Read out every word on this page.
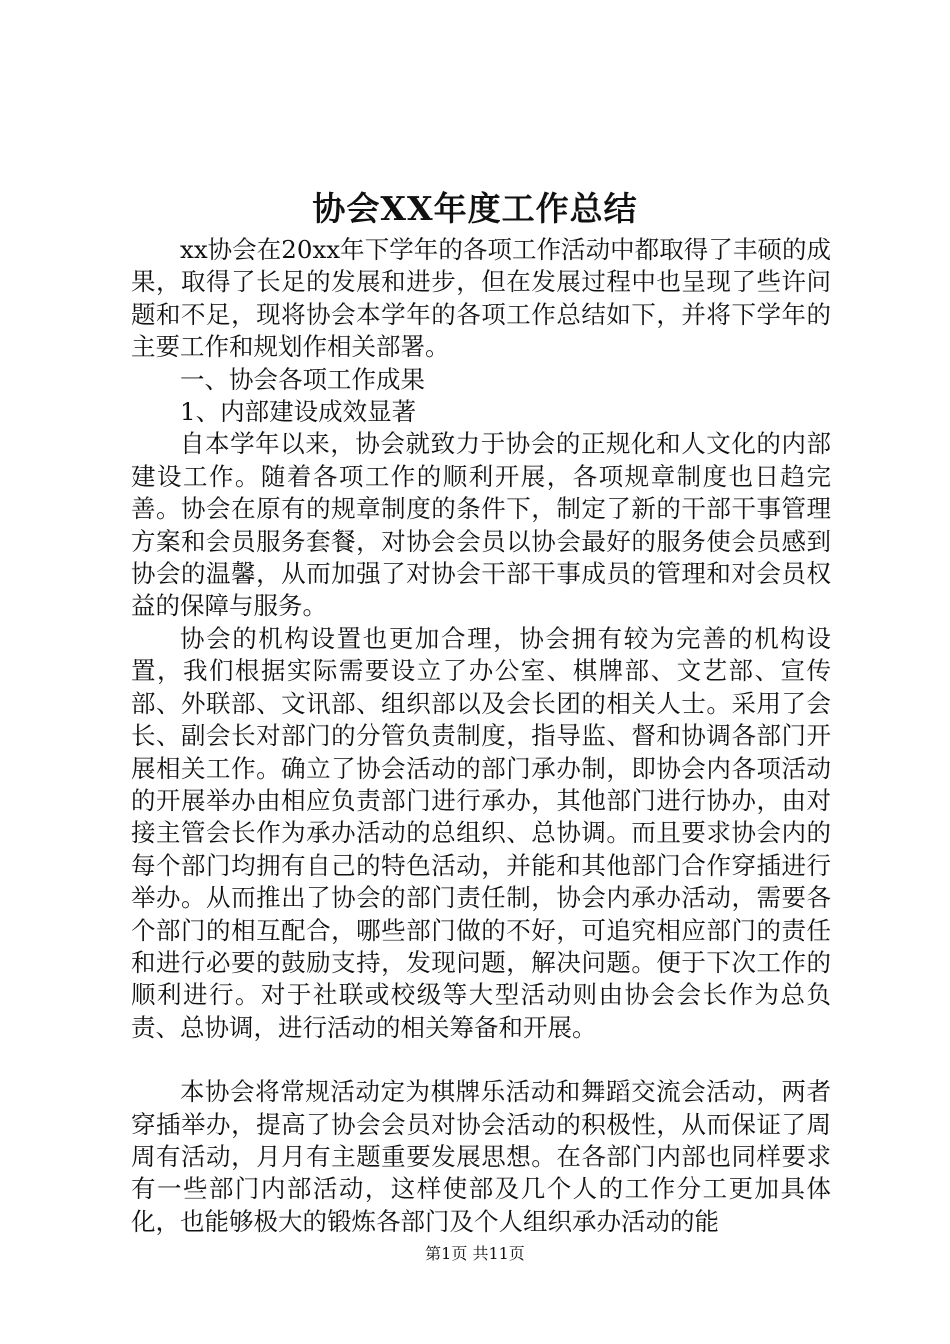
协会XX年度工作总结

xx协会在20xx年下学年的各项工作活动中都取得了丰硕的成果，取得了长足的发展和进步，但在发展过程中也呈现了些许问题和不足，现将协会本学年的各项工作总结如下，并将下学年的主要工作和规划作相关部署。

一、协会各项工作成果

1、内部建设成效显著

自本学年以来，协会就致力于协会的正规化和人文化的内部建设工作。随着各项工作的顺利开展，各项规章制度也日趋完善。协会在原有的规章制度的条件下，制定了新的干部干事管理方案和会员服务套餐，对协会会员以协会最好的服务使会员感到协会的温馨，从而加强了对协会干部干事成员的管理和对会员权益的保障与服务。

协会的机构设置也更加合理，协会拥有较为完善的机构设置，我们根据实际需要设立了办公室、棋牌部、文艺部、宣传部、外联部、文讯部、组织部以及会长团的相关人士。采用了会长、副会长对部门的分管负责制度，指导监、督和协调各部门开展相关工作。确立了协会活动的部门承办制，即协会内各项活动的开展举办由相应负责部门进行承办，其他部门进行协办，由对接主管会长作为承办活动的总组织、总协调。而且要求协会内的每个部门均拥有自己的特色活动，并能和其他部门合作穿插进行举办。从而推出了协会的部门责任制，协会内承办活动，需要各个部门的相互配合，哪些部门做的不好，可追究相应部门的责任和进行必要的鼓励支持，发现问题，解决问题。便于下次工作的顺利进行。对于社联或校级等大型活动则由协会会长作为总负责、总协调，进行活动的相关筹备和开展。

本协会将常规活动定为棋牌乐活动和舞蹈交流会活动，两者穿插举办，提高了协会会员对协会活动的积极性，从而保证了周周有活动，月月有主题重要发展思想。在各部门内部也同样要求有一些部门内部活动，这样使部及几个人的工作分工更加具体化，也能够极大的锻炼各部门及个人组织承办活动的能

第1页 共11页
